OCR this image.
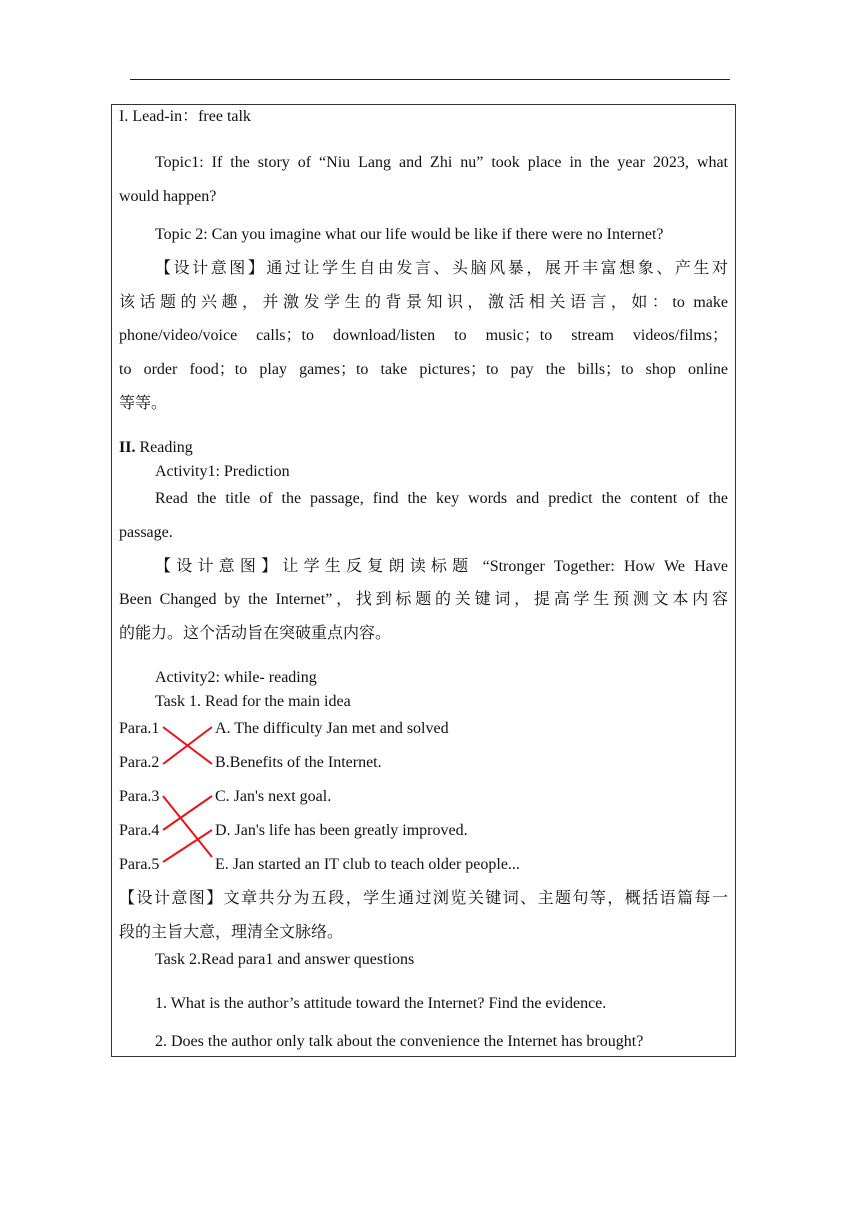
I. Lead-in：free talk
Topic1: If the story of “Niu Lang and Zhi nu” took place in the year 2023, what
would happen?
Topic 2: Can you imagine what our life would be like if there were no Internet?
【设计意图】通过让学生自由发言、头脑风暴，展开丰富想象、产生对
该话题的兴趣，并激发学生的背景知识，激活相关语言，如：to make
phone/video/voice calls；to download/listen to music；to stream videos/films；
to order food；to play games；to take pictures；to pay the bills；to shop online
等等。
II. Reading
Activity1: Prediction
Read the title of the passage, find the key words and predict the content of the
passage.
【设计意图】让学生反复朗读标题 “Stronger Together: How We Have
Been Changed by the Internet”，找到标题的关键词，提高学生预测文本内容
的能力。这个活动旨在突破重点内容。
Activity2: while- reading
Task 1. Read for the main idea
Para.1
Para.2
Para.3
Para.4
Para.5
A. The difficulty Jan met and solved
B.Benefits of the Internet.
C. Jan's next goal.
D. Jan's life has been greatly improved.
E. Jan started an IT club to teach older people...
【设计意图】文章共分为五段，学生通过浏览关键词、主题句等，概括语篇每一
段的主旨大意，理清全文脉络。
Task 2.Read para1 and answer questions
1. What is the author’s attitude toward the Internet? Find the evidence.
2. Does the author only talk about the convenience the Internet has brought?
